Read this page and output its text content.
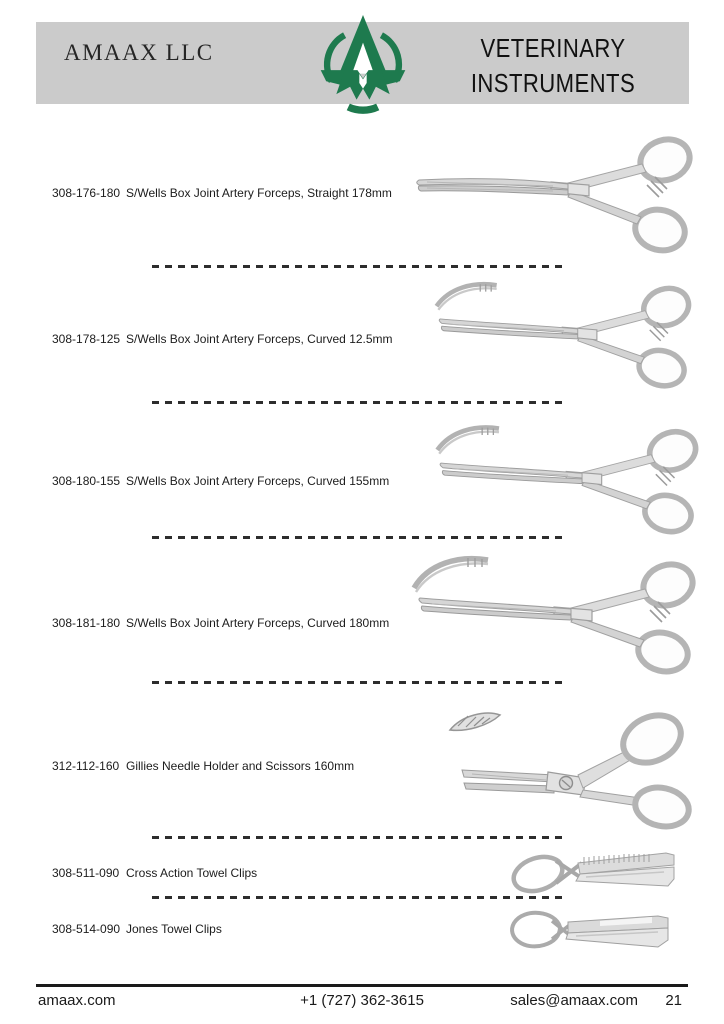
AMAAX LLC	VETERINARY
INSTRUMENTS
308-176-180 S/Wells Box Joint Artery Forceps, Straight 178mm
308-178-125 S/Wells Box Joint Artery Forceps, Curved 12.5mm
308-180-155 S/Wells Box Joint Artery Forceps, Curved 155mm
308-181-180 S/Wells Box Joint Artery Forceps, Curved 180mm
312-112-160 Gillies Needle Holder and Scissors 160mm
308-511-090 Cross Action Towel Clips
308-514-090 Jones Towel Clips
amaax.com	+1 (727) 362-3615	sales@amaax.com 21
